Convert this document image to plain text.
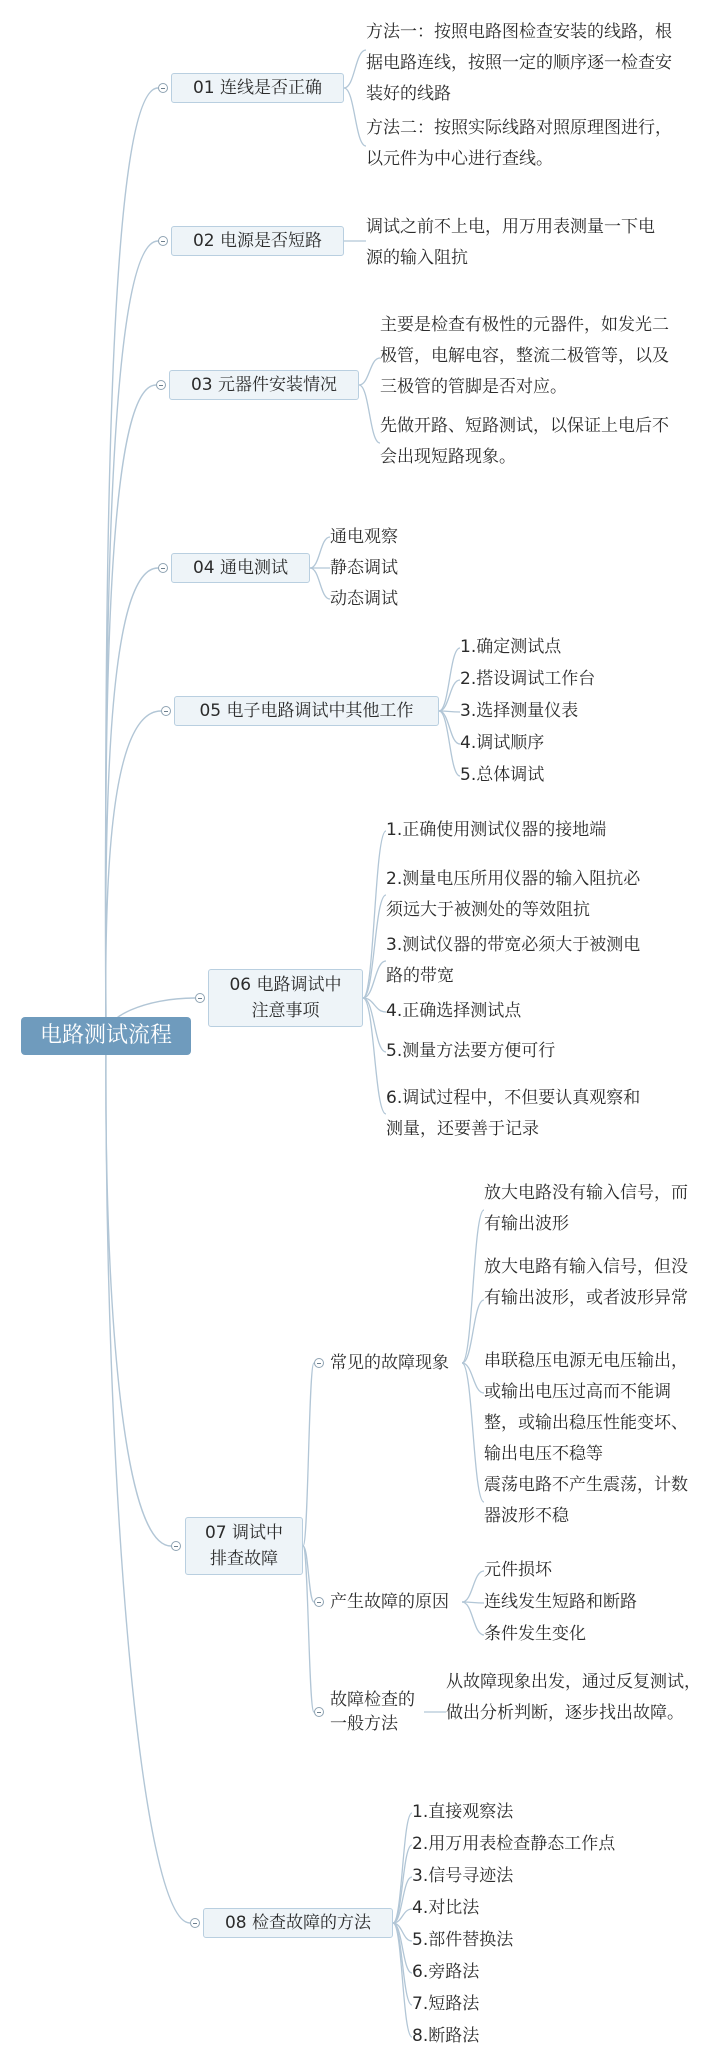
电路测试流程
01 连线是否正确
方法一：按照电路图检查安装的线路，根据电路连线，按照一定的顺序逐一检查安装好的线路
方法二：按照实际线路对照原理图进行，以元件为中心进行查线。
02 电源是否短路
调试之前不上电，用万用表测量一下电源的输入阻抗
03 元器件安装情况
主要是检查有极性的元器件，如发光二极管，电解电容，整流二极管等，以及三极管的管脚是否对应。
先做开路、短路测试，以保证上电后不会出现短路现象。
04 通电测试
通电观察
静态调试
动态调试
05 电子电路调试中其他工作
1.确定测试点
2.搭设调试工作台
3.选择测量仪表
4.调试顺序
5.总体调试
06 电路调试中
注意事项
1.正确使用测试仪器的接地端
2.测量电压所用仪器的输入阻抗必须远大于被测处的等效阻抗
3.测试仪器的带宽必须大于被测电路的带宽
4.正确选择测试点
5.测量方法要方便可行
6.调试过程中，不但要认真观察和测量，还要善于记录
07 调试中
排查故障
常见的故障现象
放大电路没有输入信号，而有输出波形
放大电路有输入信号，但没有输出波形，或者波形异常
串联稳压电源无电压输出，或输出电压过高而不能调整，或输出稳压性能变坏、输出电压不稳等
震荡电路不产生震荡，计数器波形不稳
产生故障的原因
元件损坏
连线发生短路和断路
条件发生变化
故障检查的
一般方法
从故障现象出发，通过反复测试，做出分析判断，逐步找出故障。
08 检查故障的方法
1.直接观察法
2.用万用表检查静态工作点
3.信号寻迹法
4.对比法
5.部件替换法
6.旁路法
7.短路法
8.断路法
